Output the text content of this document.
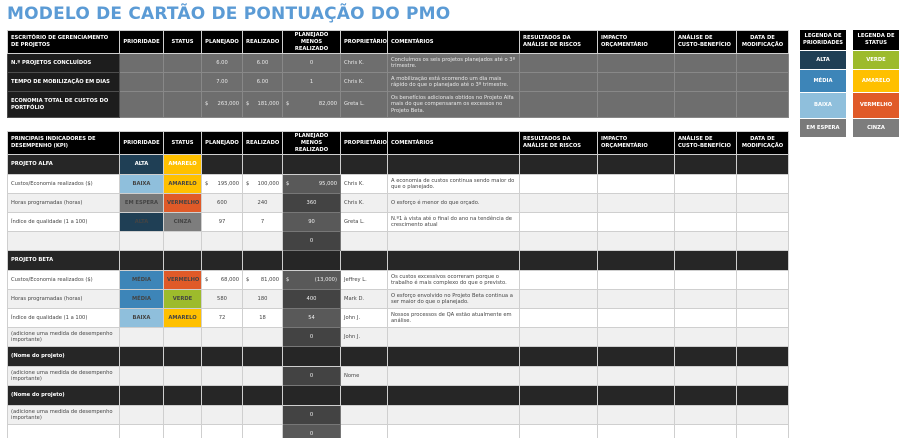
MODELO DE CARTÃO DE PONTUAÇÃO DO PMO
ESCRITÓRIO DE GERENCIAMENTO DE PROJETOS	PRIORIDADE	STATUS	PLANEJADO	REALIZADO	PLANEJADO MENOS REALIZADO	PROPRIETÁRIO	COMENTÁRIOS	RESULTADOS DA ANÁLISE DE RISCOS	IMPACTO ORÇAMENTÁRIO	ANÁLISE DE CUSTO-BENEFÍCIO	DATA DE MODIFICAÇÃO
N.º PROJETOS CONCLUÍDOS			6.00	6.00	0	Chris K.	Concluímos os seis projetos planejados até o 3º trimestre.				
TEMPO DE MOBILIZAÇÃO EM DIAS			7.00	6.00	1	Chris K.	A mobilização está ocorrendo um dia mais rápido do que o planejado até o 3º trimestre.				
ECONOMIA TOTAL DE CUSTOS DO PORTFÓLIO			$ 263,000	$ 181,000	$ 82,000	Greta L.	Os benefícios adicionais obtidos no Projeto Alfa mais do que compensaram os excessos no Projeto Beta.				
LEGENDA DE PRIORIDADES
ALTA
MÉDIA
BAIXA
EM ESPERA
LEGENDA DE STATUS
VERDE
AMARELO
VERMELHO
CINZA
PRINCIPAIS INDICADORES DE DESEMPENHO (KPI)	PRIORIDADE	STATUS	PLANEJADO	REALIZADO	PLANEJADO MENOS REALIZADO	PROPRIETÁRIO	COMENTÁRIOS	RESULTADOS DA ANÁLISE DE RISCOS	IMPACTO ORÇAMENTÁRIO	ANÁLISE DE CUSTO-BENEFÍCIO	DATA DE MODIFICAÇÃO
PROJETO ALFA	ALTA	AMARELO									
Custos/Economia realizados ($)	BAIXA	AMARELO	$ 195,000	$ 100,000	$ 95,000	Chris K.	A economia de custos continua sendo maior do que o planejado.				
Horas programadas (horas)	EM ESPERA	VERMELHO	600	240	360	Chris K.	O esforço é menor do que orçado.				
Índice de qualidade (1 a 100)	ALTA	CINZA	97	7	90	Greta L.	N.º1 à vista até o final do ano na tendência de crescimento atual				
					0						
PROJETO BETA											
Custos/Economia realizados ($)	MÉDIA	VERMELHO	$ 68,000	$ 81,000	$ (13,000)	Jeffrey L.	Os custos excessivos ocorreram porque o trabalho é mais complexo do que o previsto.				
Horas programadas (horas)	MÉDIA	VERDE	580	180	400	Mark D.	O esforço envolvido no Projeto Beta continua a ser maior do que o planejado.				
Índice de qualidade (1 a 100)	BAIXA	AMARELO	72	18	54	John J.	Nossos processos de QA estão atualmente em análise.				
(adicione uma medida de desempenho importante)					0	John J.					
(Nome do projeto)											
(adicione uma medida de desempenho importante)					0	Nome					
(Nome do projeto)											
(adicione uma medida de desempenho importante)					0						
					0						
